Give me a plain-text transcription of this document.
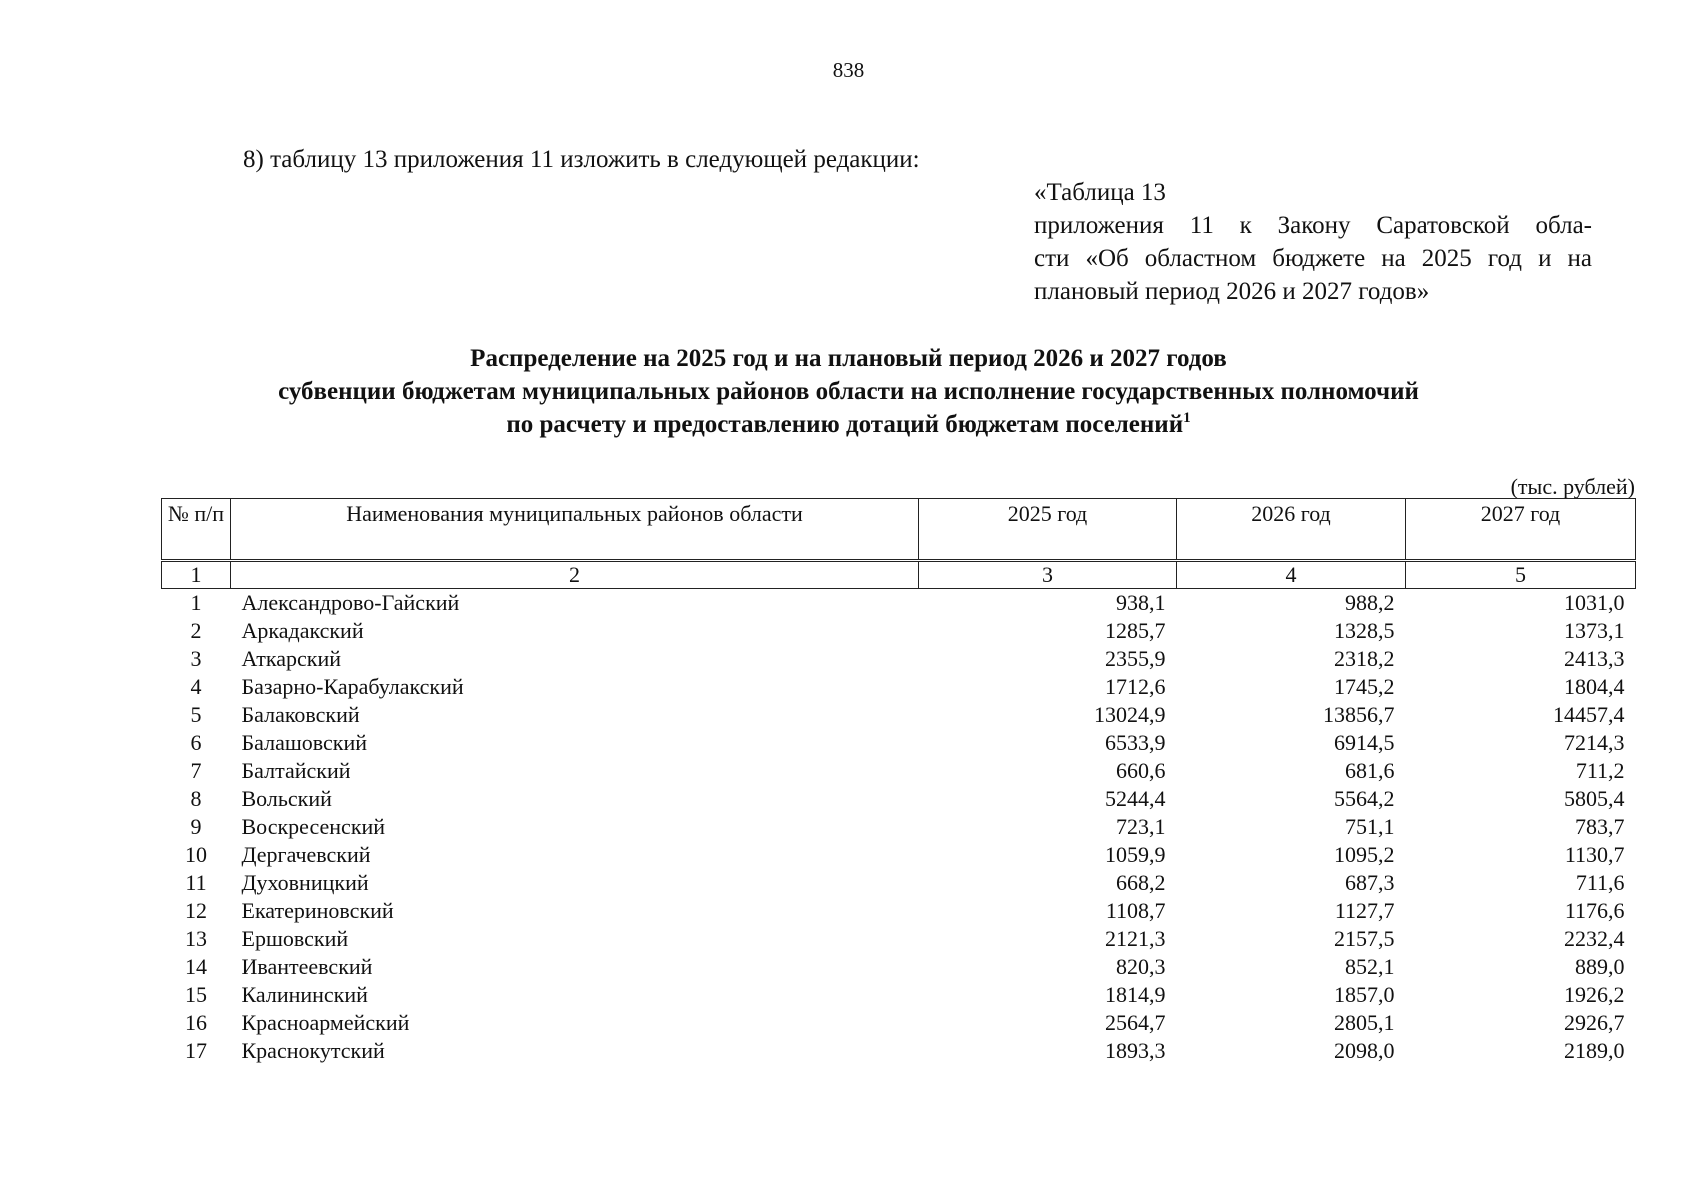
838
8) таблицу 13 приложения 11 изложить в следующей редакции:
«Таблица 13
приложения 11 к Закону Саратовской обла-
сти «Об областном бюджете на 2025 год и на
плановый период 2026 и 2027 годов»
Распределение на 2025 год и на плановый период 2026 и 2027 годов
субвенции бюджетам муниципальных районов области на исполнение государственных полномочий
по расчету и предоставлению дотаций бюджетам поселений$^1$
(тыс. рублей)
№ п/п	Наименования муниципальных районов области	2025 год	2026 год	2027 год
1	2	3	4	5
1	Александрово-Гайский	938,1	988,2	1031,0
2	Аркадакский	1285,7	1328,5	1373,1
3	Аткарский	2355,9	2318,2	2413,3
4	Базарно-Карабулакский	1712,6	1745,2	1804,4
5	Балаковский	13024,9	13856,7	14457,4
6	Балашовский	6533,9	6914,5	7214,3
7	Балтайский	660,6	681,6	711,2
8	Вольский	5244,4	5564,2	5805,4
9	Воскресенский	723,1	751,1	783,7
10	Дергачевский	1059,9	1095,2	1130,7
11	Духовницкий	668,2	687,3	711,6
12	Екатериновский	1108,7	1127,7	1176,6
13	Ершовский	2121,3	2157,5	2232,4
14	Ивантеевский	820,3	852,1	889,0
15	Калининский	1814,9	1857,0	1926,2
16	Красноармейский	2564,7	2805,1	2926,7
17	Краснокутский	1893,3	2098,0	2189,0
